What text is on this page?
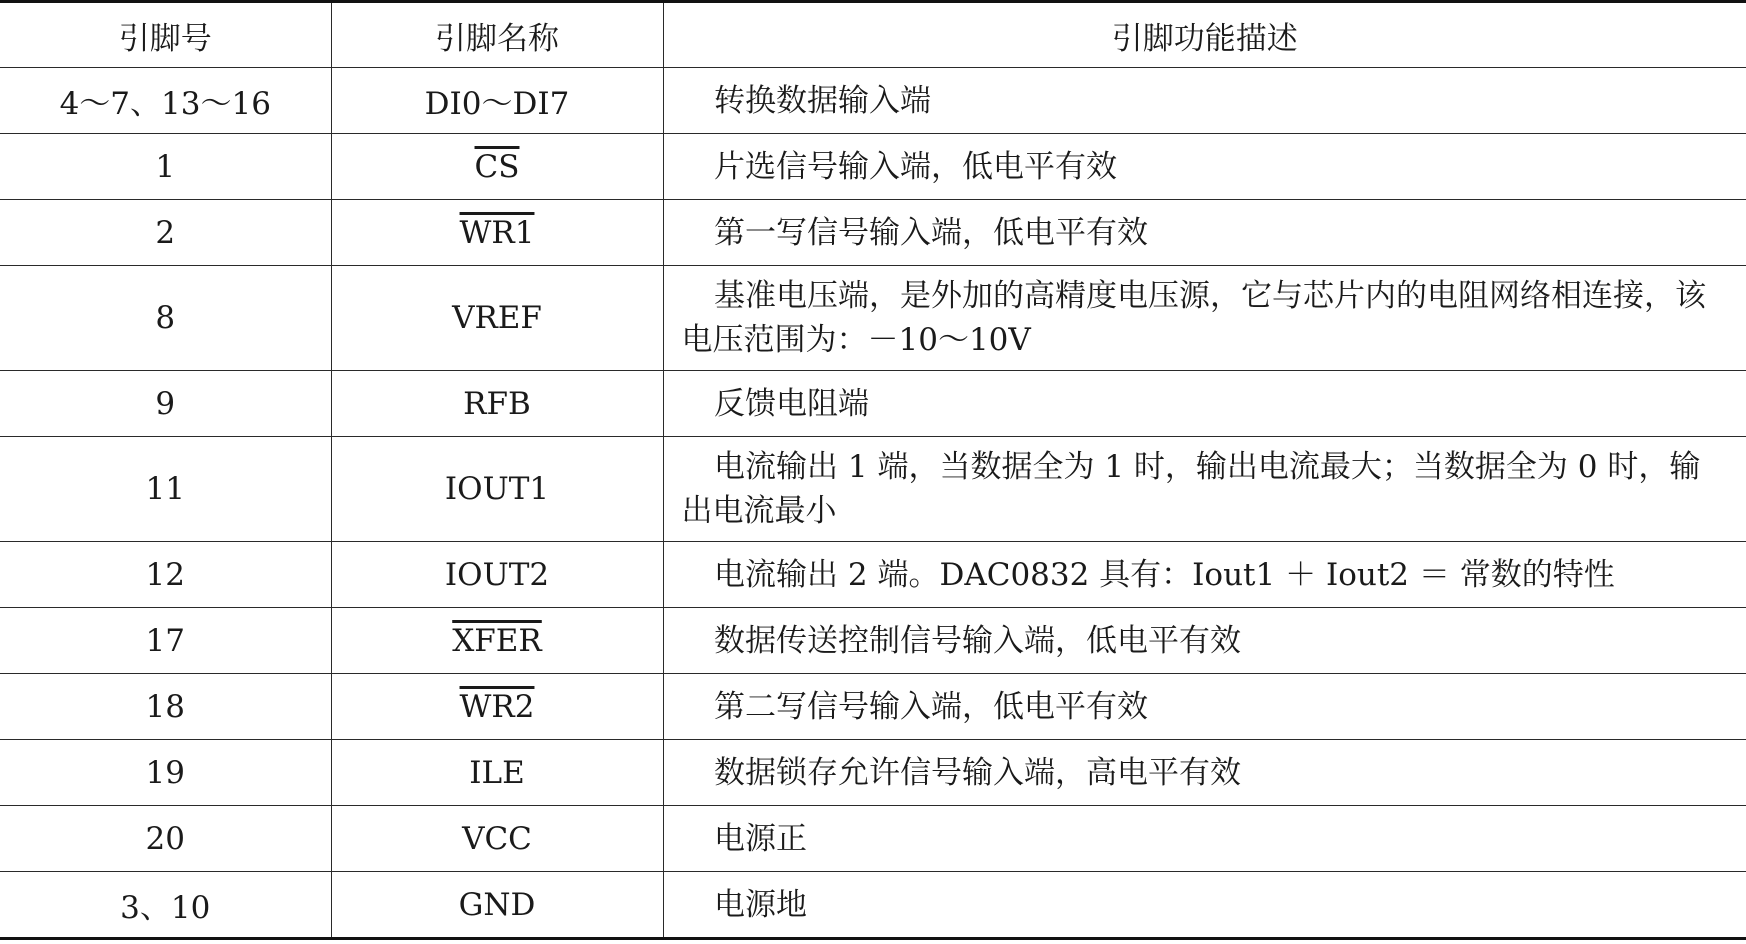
引脚号	引脚名称	引脚功能描述
4～7、13～16	DI0～DI7	转换数据输入端
1	$\overline{CS}$	片选信号输入端，低电平有效
2	WR1	第一写信号输入端，低电平有效
8	VREF	基准电压端，是外加的高精度电压源，它与芯片内的电阻网络相连接，该电压范围为：－10～10V
9	RFB	反馈电阻端
11	IOUT1	电流输出 1 端，当数据全为 1 时，输出电流最大；当数据全为 0 时，输出电流最小
12	IOUT2	电流输出 2 端。DAC0832 具有：Iout1 ＋ Iout2 ＝ 常数的特性
17	XFER	数据传送控制信号输入端，低电平有效
18	WR2	第二写信号输入端，低电平有效
19	ILE	数据锁存允许信号输入端，高电平有效
20	VCC	电源正
3、10	GND	电源地
